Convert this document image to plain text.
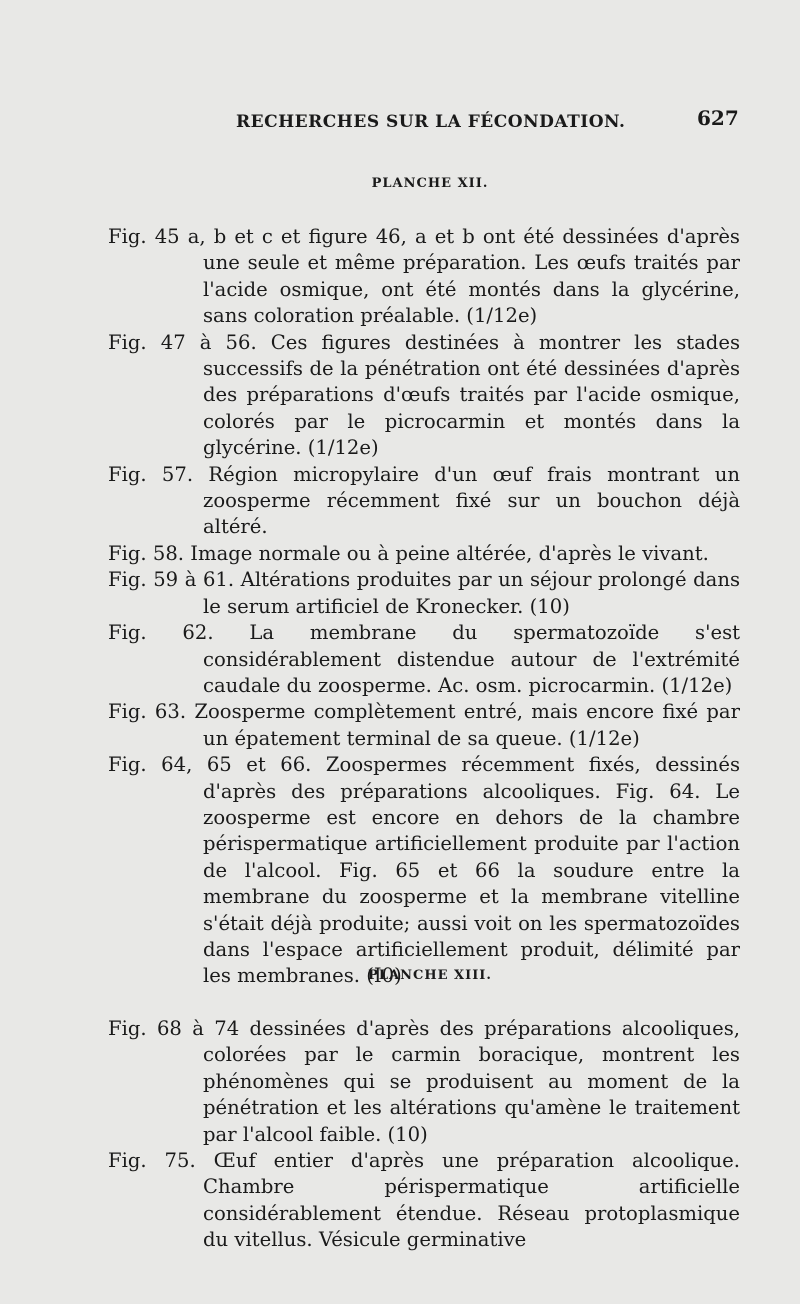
RECHERCHES SUR LA FÉCONDATION.	627
PLANCHE XII.

Fig. 45 a, b et c et figure 46, a et b ont été dessinées d'après une seule et même préparation. Les œufs traités par l'acide osmique, ont été montés dans la glycérine, sans coloration préalable. (1/12e)

Fig. 47 à 56. Ces figures destinées à montrer les stades successifs de la pénétration ont été dessinées d'après des préparations d'œufs traités par l'acide osmique, colorés par le picrocarmin et montés dans la glycérine. (1/12e)

Fig. 57. Région micropylaire d'un œuf frais montrant un zoosperme récemment fixé sur un bouchon déjà altéré.

Fig. 58. Image normale ou à peine altérée, d'après le vivant.

Fig. 59 à 61. Altérations produites par un séjour prolongé dans le serum artificiel de Kronecker. (10)

Fig. 62. La membrane du spermatozoïde s'est considérablement distendue autour de l'extrémité caudale du zoosperme. Ac. osm. picrocarmin. (1/12e)

Fig. 63. Zoosperme complètement entré, mais encore fixé par un épatement terminal de sa queue. (1/12e)

Fig. 64, 65 et 66. Zoospermes récemment fixés, dessinés d'après des préparations alcooliques. Fig. 64. Le zoosperme est encore en dehors de la chambre périspermatique artificiellement produite par l'action de l'alcool. Fig. 65 et 66 la soudure entre la membrane du zoosperme et la membrane vitelline s'était déjà produite; aussi voit on les spermatozoïdes dans l'espace artificiellement produit, délimité par les membranes. (I0)

PLANCHE XIII.

Fig. 68 à 74 dessinées d'après des préparations alcooliques, colorées par le carmin boracique, montrent les phénomènes qui se produisent au moment de la pénétration et les altérations qu'amène le traitement par l'alcool faible. (10)

Fig. 75. Œuf entier d'après une préparation alcoolique. Chambre périspermatique artificielle considérablement étendue. Réseau protoplasmique du vitellus. Vésicule germinative
